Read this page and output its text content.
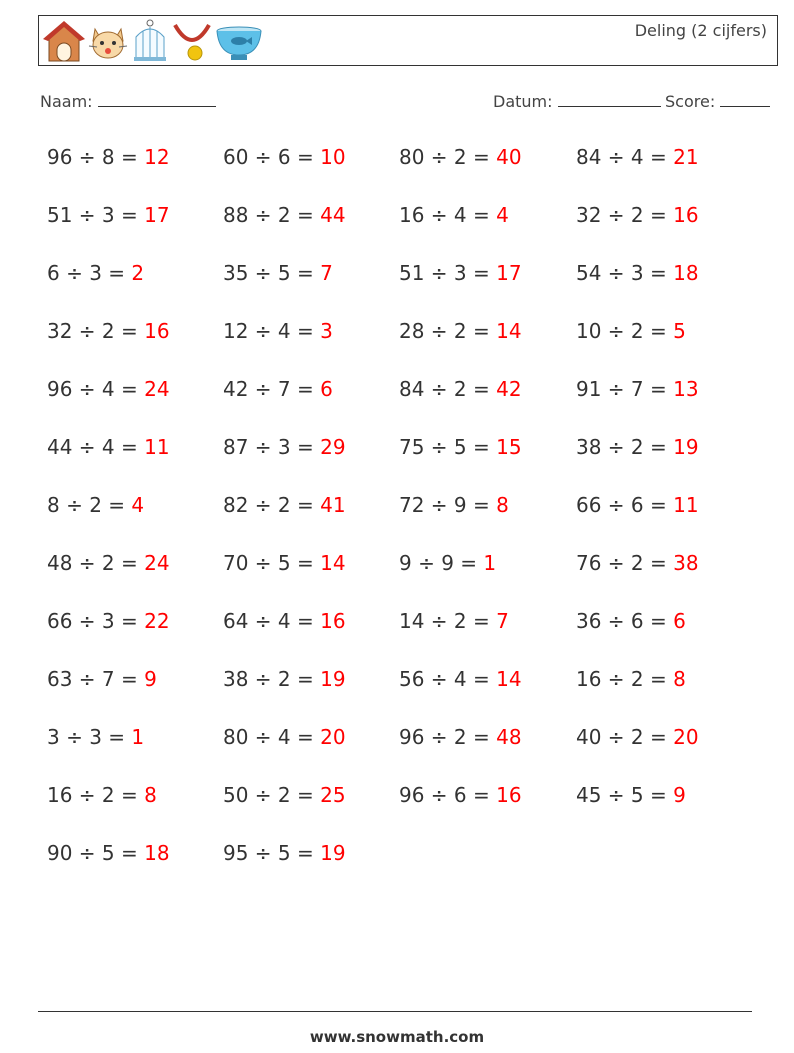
Deling (2 cijfers)
Naam:	Datum:	Score:
96 ÷ 8 = 12	60 ÷ 6 = 10	80 ÷ 2 = 40	84 ÷ 4 = 21
51 ÷ 3 = 17	88 ÷ 2 = 44	16 ÷ 4 = 4	32 ÷ 2 = 16
6 ÷ 3 = 2	35 ÷ 5 = 7	51 ÷ 3 = 17	54 ÷ 3 = 18
32 ÷ 2 = 16	12 ÷ 4 = 3	28 ÷ 2 = 14	10 ÷ 2 = 5
96 ÷ 4 = 24	42 ÷ 7 = 6	84 ÷ 2 = 42	91 ÷ 7 = 13
44 ÷ 4 = 11	87 ÷ 3 = 29	75 ÷ 5 = 15	38 ÷ 2 = 19
8 ÷ 2 = 4	82 ÷ 2 = 41	72 ÷ 9 = 8	66 ÷ 6 = 11
48 ÷ 2 = 24	70 ÷ 5 = 14	9 ÷ 9 = 1	76 ÷ 2 = 38
66 ÷ 3 = 22	64 ÷ 4 = 16	14 ÷ 2 = 7	36 ÷ 6 = 6
63 ÷ 7 = 9	38 ÷ 2 = 19	56 ÷ 4 = 14	16 ÷ 2 = 8
3 ÷ 3 = 1	80 ÷ 4 = 20	96 ÷ 2 = 48	40 ÷ 2 = 20
16 ÷ 2 = 8	50 ÷ 2 = 25	96 ÷ 6 = 16	45 ÷ 5 = 9
90 ÷ 5 = 18	95 ÷ 5 = 19
www.snowmath.com
